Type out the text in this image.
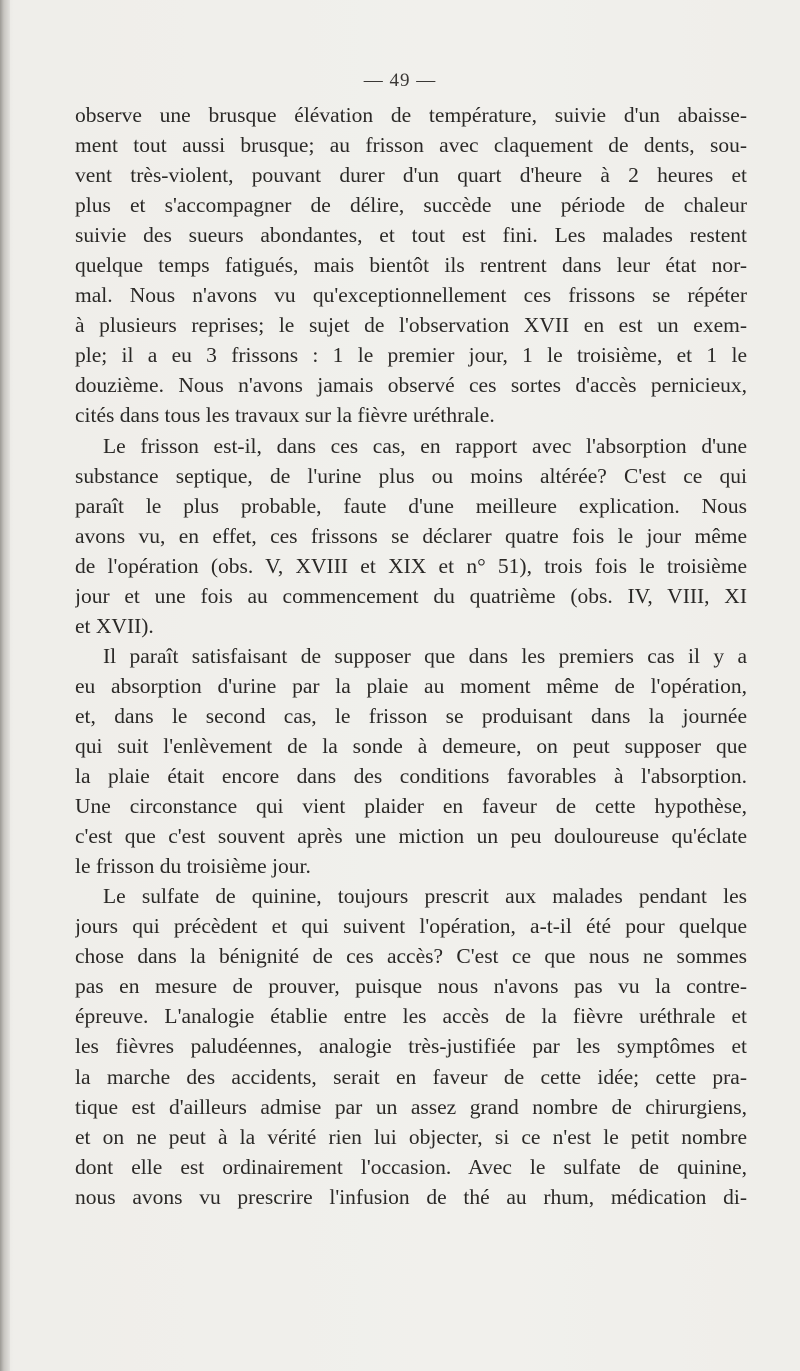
— 49 —
observe une brusque élévation de température, suivie d'un abaisse-
ment tout aussi brusque; au frisson avec claquement de dents, sou-
vent très-violent, pouvant durer d'un quart d'heure à 2 heures et
plus et s'accompagner de délire, succède une période de chaleur
suivie des sueurs abondantes, et tout est fini. Les malades restent
quelque temps fatigués, mais bientôt ils rentrent dans leur état nor-
mal. Nous n'avons vu qu'exceptionnellement ces frissons se répéter
à plusieurs reprises; le sujet de l'observation XVII en est un exem-
ple; il a eu 3 frissons : 1 le premier jour, 1 le troisième, et 1 le
douzième. Nous n'avons jamais observé ces sortes d'accès pernicieux,
cités dans tous les travaux sur la fièvre uréthrale.
Le frisson est-il, dans ces cas, en rapport avec l'absorption d'une
substance septique, de l'urine plus ou moins altérée? C'est ce qui
paraît le plus probable, faute d'une meilleure explication. Nous
avons vu, en effet, ces frissons se déclarer quatre fois le jour même
de l'opération (obs. V, XVIII et XIX et n° 51), trois fois le troisième
jour et une fois au commencement du quatrième (obs. IV, VIII, XI
et XVII).
Il paraît satisfaisant de supposer que dans les premiers cas il y a
eu absorption d'urine par la plaie au moment même de l'opération,
et, dans le second cas, le frisson se produisant dans la journée
qui suit l'enlèvement de la sonde à demeure, on peut supposer que
la plaie était encore dans des conditions favorables à l'absorption.
Une circonstance qui vient plaider en faveur de cette hypothèse,
c'est que c'est souvent après une miction un peu douloureuse qu'éclate
le frisson du troisième jour.
Le sulfate de quinine, toujours prescrit aux malades pendant les
jours qui précèdent et qui suivent l'opération, a-t-il été pour quelque
chose dans la bénignité de ces accès? C'est ce que nous ne sommes
pas en mesure de prouver, puisque nous n'avons pas vu la contre-
épreuve. L'analogie établie entre les accès de la fièvre uréthrale et
les fièvres paludéennes, analogie très-justifiée par les symptômes et
la marche des accidents, serait en faveur de cette idée; cette pra-
tique est d'ailleurs admise par un assez grand nombre de chirurgiens,
et on ne peut à la vérité rien lui objecter, si ce n'est le petit nombre
dont elle est ordinairement l'occasion. Avec le sulfate de quinine,
nous avons vu prescrire l'infusion de thé au rhum, médication di-
